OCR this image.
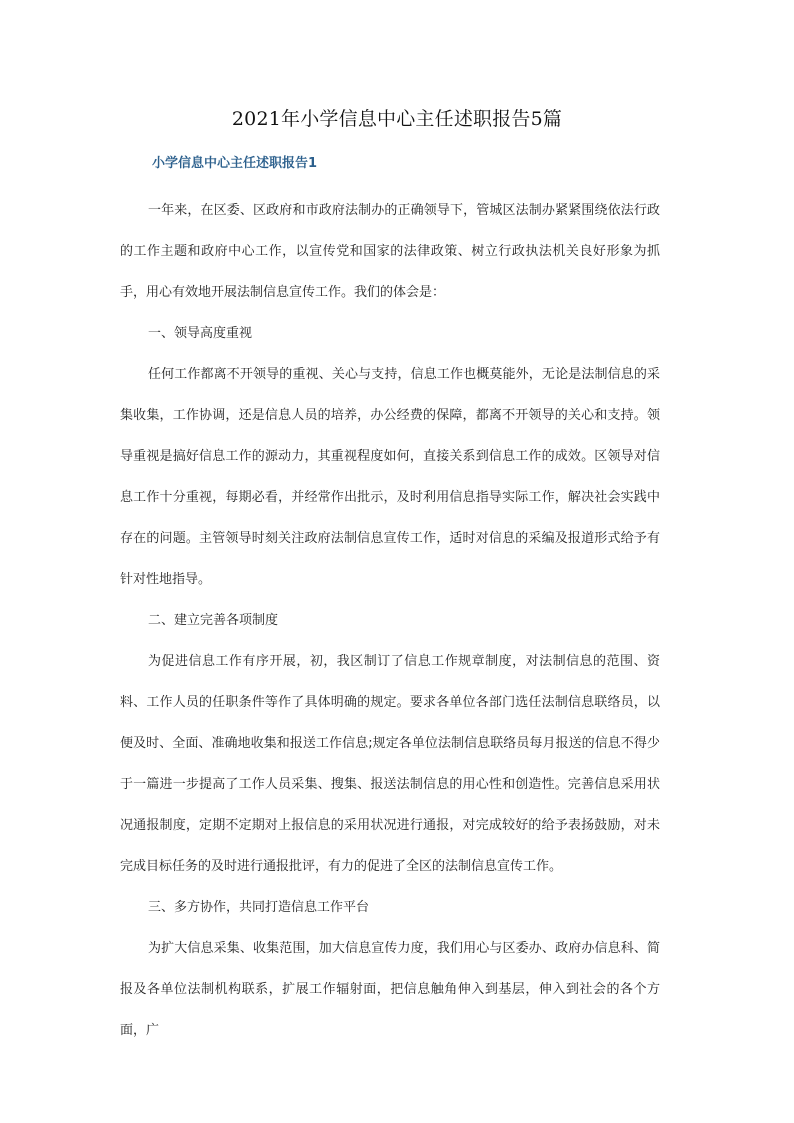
2021年小学信息中心主任述职报告5篇
小学信息中心主任述职报告1

一年来，在区委、区政府和市政府法制办的正确领导下，管城区法制办紧紧围绕依法行政的工作主题和政府中心工作，以宣传党和国家的法律政策、树立行政执法机关良好形象为抓手，用心有效地开展法制信息宣传工作。我们的体会是：

一、领导高度重视

任何工作都离不开领导的重视、关心与支持，信息工作也概莫能外，无论是法制信息的采集收集，工作协调，还是信息人员的培养，办公经费的保障，都离不开领导的关心和支持。领导重视是搞好信息工作的源动力，其重视程度如何，直接关系到信息工作的成效。区领导对信息工作十分重视，每期必看，并经常作出批示，及时利用信息指导实际工作，解决社会实践中存在的问题。主管领导时刻关注政府法制信息宣传工作，适时对信息的采编及报道形式给予有针对性地指导。

二、建立完善各项制度

为促进信息工作有序开展，初，我区制订了信息工作规章制度，对法制信息的范围、资料、工作人员的任职条件等作了具体明确的规定。要求各单位各部门选任法制信息联络员，以便及时、全面、准确地收集和报送工作信息;规定各单位法制信息联络员每月报送的信息不得少于一篇进一步提高了工作人员采集、搜集、报送法制信息的用心性和创造性。完善信息采用状况通报制度，定期不定期对上报信息的采用状况进行通报，对完成较好的给予表扬鼓励，对未完成目标任务的及时进行通报批评，有力的促进了全区的法制信息宣传工作。

三、多方协作，共同打造信息工作平台

为扩大信息采集、收集范围，加大信息宣传力度，我们用心与区委办、政府办信息科、简报及各单位法制机构联系，扩展工作辐射面，把信息触角伸入到基层，伸入到社会的各个方面，广
